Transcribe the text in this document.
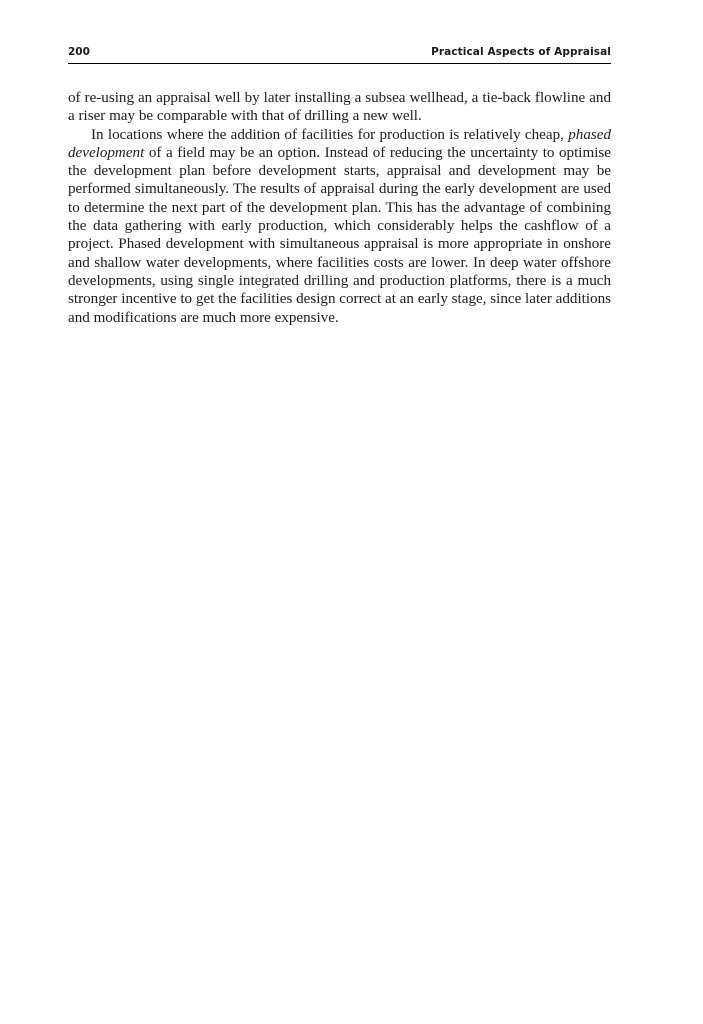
200	Practical Aspects of Appraisal

of re-using an appraisal well by later installing a subsea wellhead, a tie-back flowline and a riser may be comparable with that of drilling a new well.

In locations where the addition of facilities for production is relatively cheap, phased development of a field may be an option. Instead of reducing the uncertainty to optimise the development plan before development starts, appraisal and development may be performed simultaneously. The results of appraisal during the early development are used to determine the next part of the development plan. This has the advantage of combining the data gathering with early production, which considerably helps the cashflow of a project. Phased development with simultaneous appraisal is more appropriate in onshore and shallow water developments, where facilities costs are lower. In deep water offshore developments, using single integrated drilling and production platforms, there is a much stronger incentive to get the facilities design correct at an early stage, since later additions and modifications are much more expensive.
